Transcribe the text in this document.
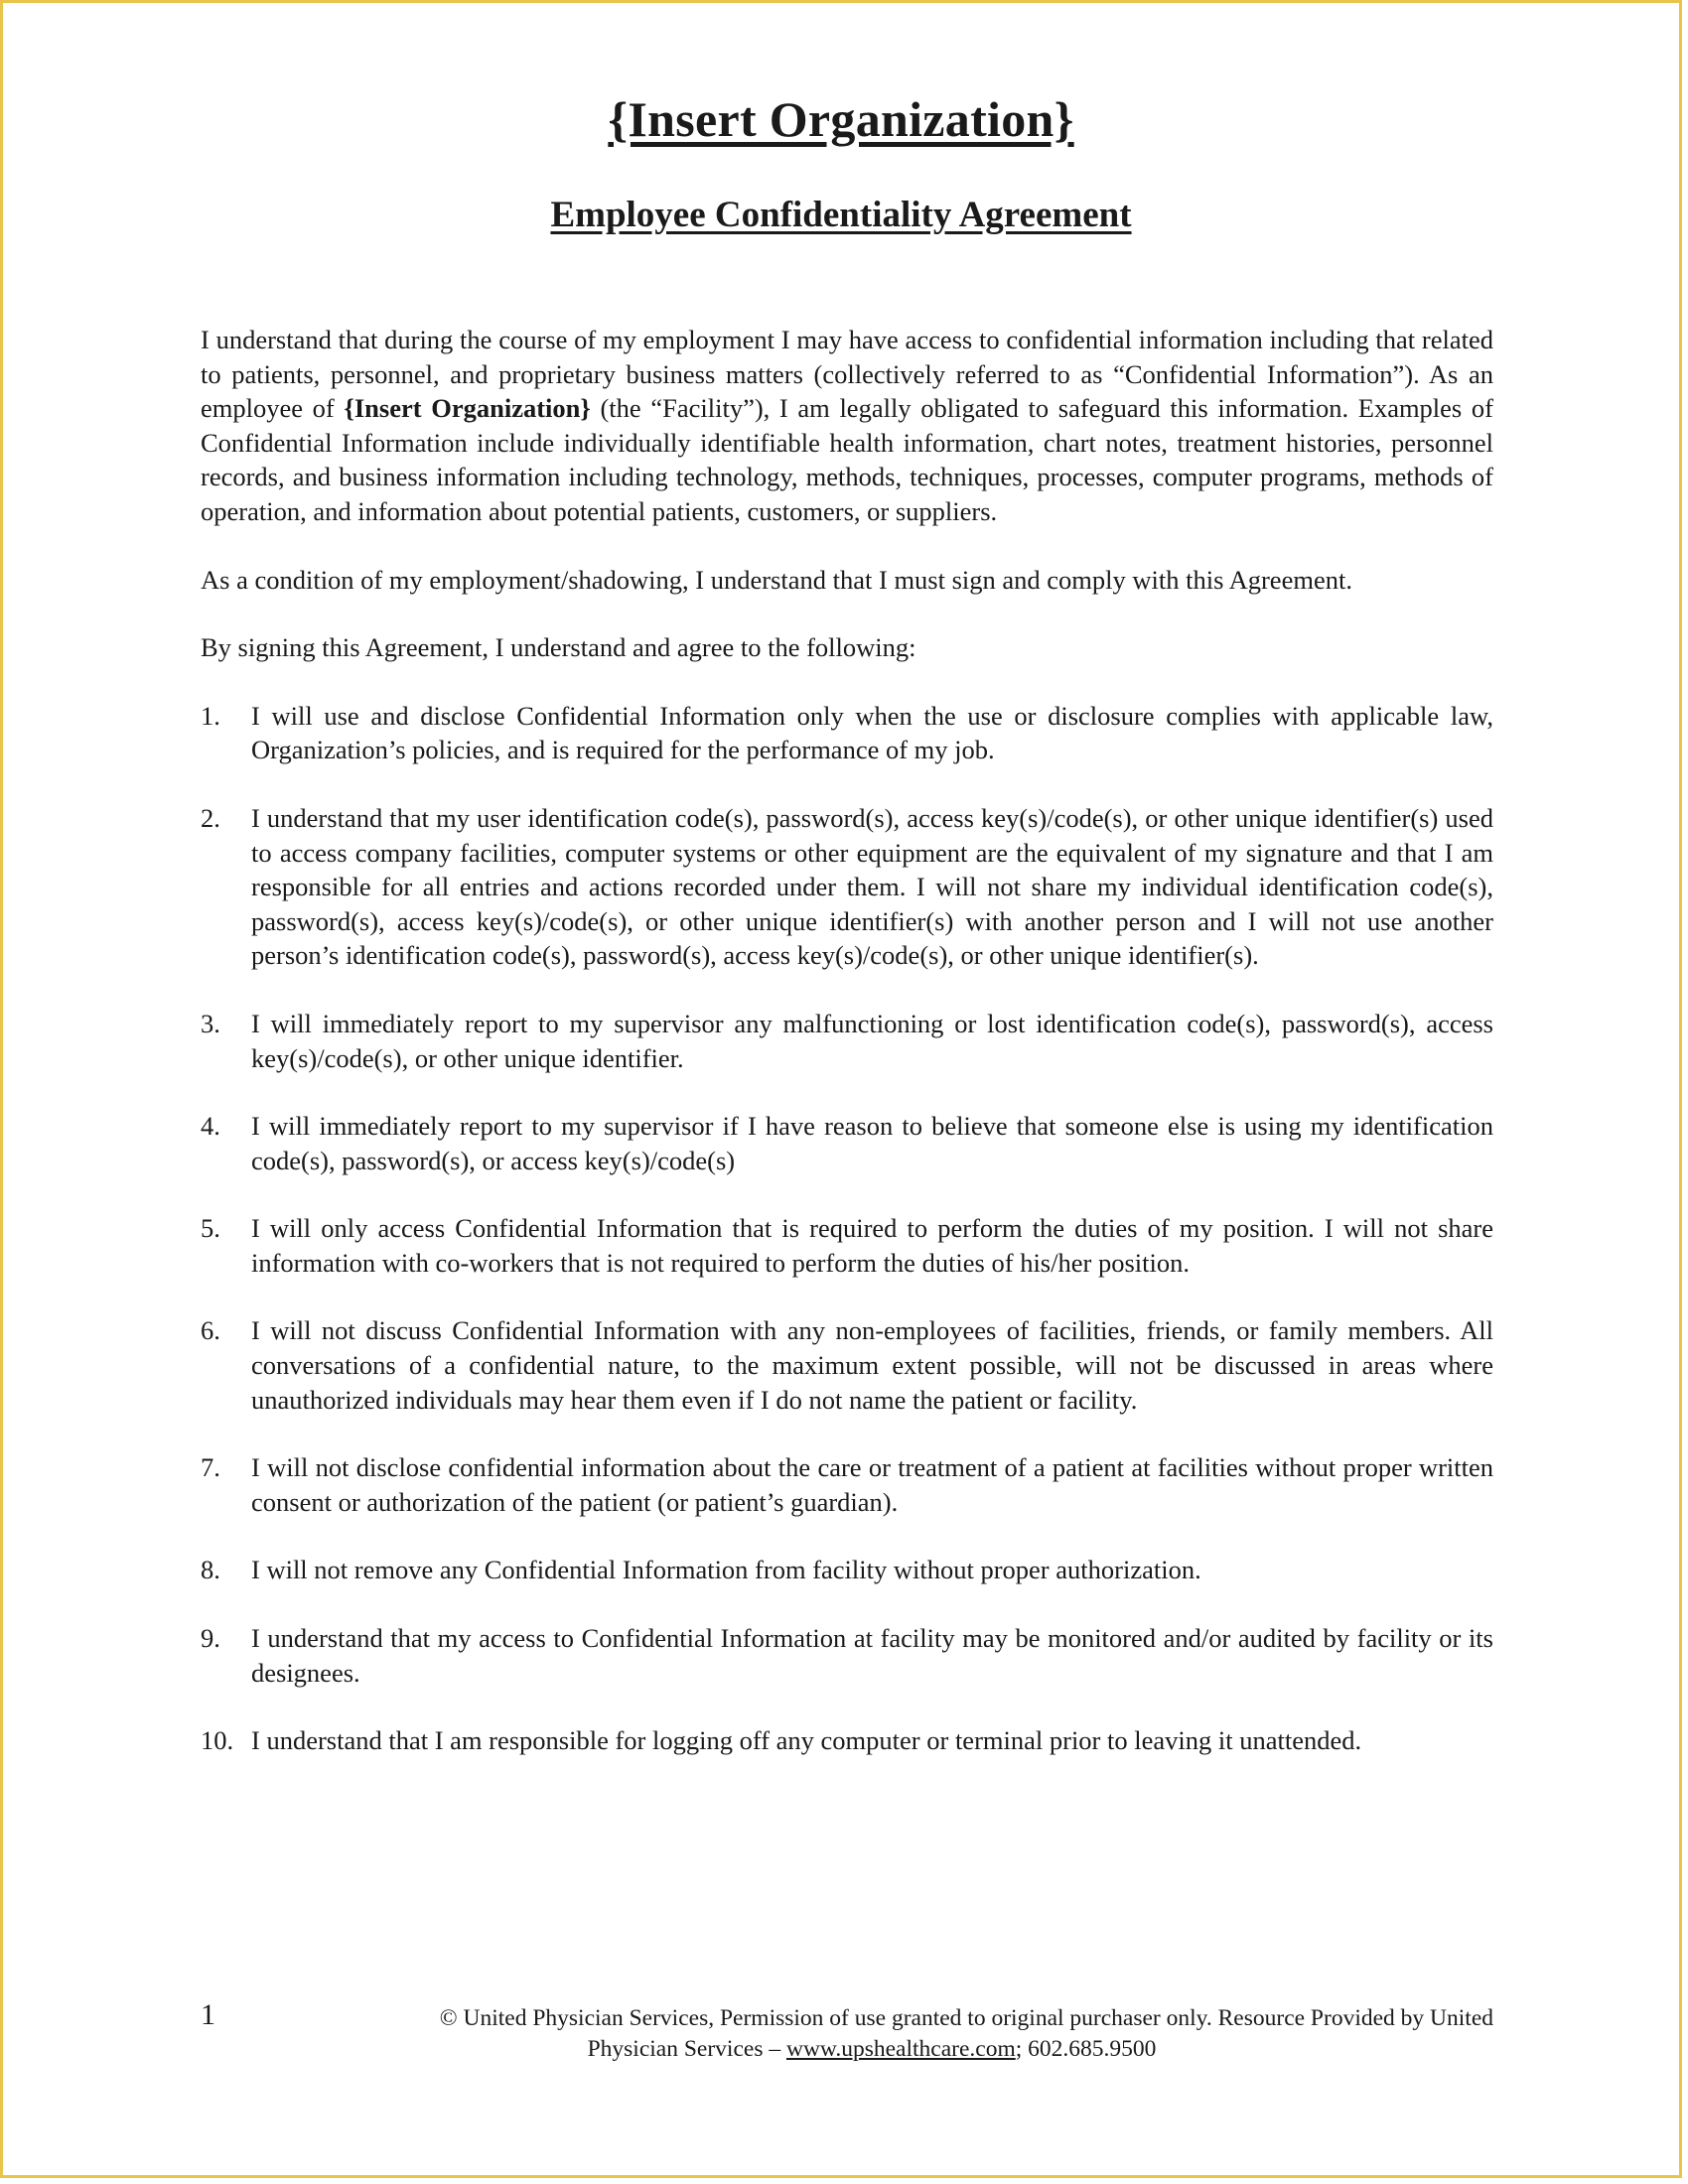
{Insert Organization}
Employee Confidentiality Agreement

I understand that during the course of my employment I may have access to confidential information including that related to patients, personnel, and proprietary business matters (collectively referred to as “Confidential Information”). As an employee of {Insert Organization} (the “Facility”), I am legally obligated to safeguard this information. Examples of Confidential Information include individually identifiable health information, chart notes, treatment histories, personnel records, and business information including technology, methods, techniques, processes, computer programs, methods of operation, and information about potential patients, customers, or suppliers.

As a condition of my employment/shadowing, I understand that I must sign and comply with this Agreement.

By signing this Agreement, I understand and agree to the following:

1. I will use and disclose Confidential Information only when the use or disclosure complies with applicable law, Organization’s policies, and is required for the performance of my job.
2. I understand that my user identification code(s), password(s), access key(s)/code(s), or other unique identifier(s) used to access company facilities, computer systems or other equipment are the equivalent of my signature and that I am responsible for all entries and actions recorded under them. I will not share my individual identification code(s), password(s), access key(s)/code(s), or other unique identifier(s) with another person and I will not use another person’s identification code(s), password(s), access key(s)/code(s), or other unique identifier(s).
3. I will immediately report to my supervisor any malfunctioning or lost identification code(s), password(s), access key(s)/code(s), or other unique identifier.
4. I will immediately report to my supervisor if I have reason to believe that someone else is using my identification code(s), password(s), or access key(s)/code(s)
5. I will only access Confidential Information that is required to perform the duties of my position. I will not share information with co-workers that is not required to perform the duties of his/her position.
6. I will not discuss Confidential Information with any non-employees of facilities, friends, or family members. All conversations of a confidential nature, to the maximum extent possible, will not be discussed in areas where unauthorized individuals may hear them even if I do not name the patient or facility.
7. I will not disclose confidential information about the care or treatment of a patient at facilities without proper written consent or authorization of the patient (or patient’s guardian).
8. I will not remove any Confidential Information from facility without proper authorization.
9. I understand that my access to Confidential Information at facility may be monitored and/or audited by facility or its designees.
10. I understand that I am responsible for logging off any computer or terminal prior to leaving it unattended.
1	© United Physician Services, Permission of use granted to original purchaser only. Resource Provided by United
Physician Services – www.upshealthcare.com; 602.685.9500
